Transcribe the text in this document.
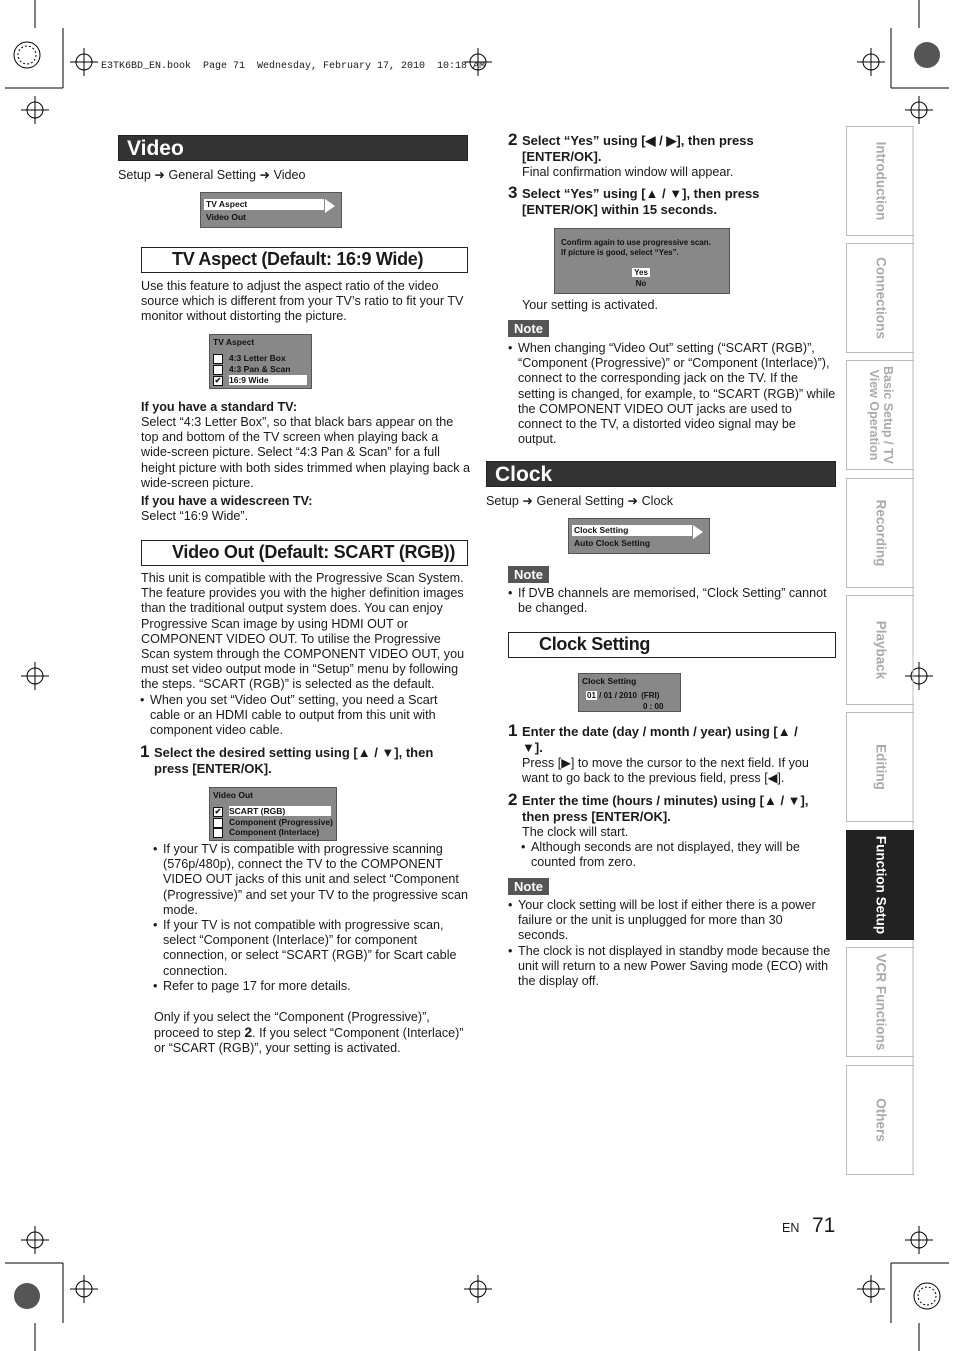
E3TK6BD_EN.book  Page 71  Wednesday, February 17, 2010  10:18 AM
Video
Setup ➜ General Setting ➜ Video
TV Aspect
Video Out
TV Aspect (Default: 16:9 Wide)
Use this feature to adjust the aspect ratio of the video source which is different from your TV’s ratio to fit your TV monitor without distorting the picture.
TV Aspect
4:3 Letter Box
4:3 Pan & Scan
✔ 16:9 Wide
If you have a standard TV:
Select “4:3 Letter Box”, so that black bars appear on the top and bottom of the TV screen when playing back a wide-screen picture. Select “4:3 Pan & Scan” for a full height picture with both sides trimmed when playing back a wide-screen picture.
If you have a widescreen TV:
Select “16:9 Wide”.
Video Out (Default: SCART (RGB))
This unit is compatible with the Progressive Scan System. The feature provides you with the higher definition images than the traditional output system does. You can enjoy Progressive Scan image by using HDMI OUT or COMPONENT VIDEO OUT. To utilise the Progressive Scan system through the COMPONENT VIDEO OUT, you must set video output mode in “Setup” menu by following the steps. “SCART (RGB)” is selected as the default.
• When you set “Video Out” setting, you need a Scart cable or an HDMI cable to output from this unit with component video cable.
1 Select the desired setting using [▲ / ▼], then press [ENTER/OK].
Video Out
✔ SCART (RGB)
Component (Progressive)
Component (Interlace)
• If your TV is compatible with progressive scanning (576p/480p), connect the TV to the COMPONENT VIDEO OUT jacks of this unit and select “Component (Progressive)” and set your TV to the progressive scan mode.
• If your TV is not compatible with progressive scan, select “Component (Interlace)” for component connection, or select “SCART (RGB)” for Scart cable connection.
• Refer to page 17 for more details.
Only if you select the “Component (Progressive)”, proceed to step 2. If you select “Component (Interlace)” or “SCART (RGB)”, your setting is activated.
2 Select “Yes” using [◀ / ▶], then press [ENTER/OK].
Final confirmation window will appear.
3 Select “Yes” using [▲ / ▼], then press [ENTER/OK] within 15 seconds.
Confirm again to use progressive scan.
If picture is good, select “Yes”.
Yes
No
Your setting is activated.
Note
• When changing “Video Out” setting (“SCART (RGB)”, “Component (Progressive)” or “Component (Interlace)”), connect to the corresponding jack on the TV. If the setting is changed, for example, to “SCART (RGB)” while the COMPONENT VIDEO OUT jacks are used to connect to the TV, a distorted video signal may be output.
Clock
Setup ➜ General Setting ➜ Clock
Clock Setting
Auto Clock Setting
Note
• If DVB channels are memorised, “Clock Setting” cannot be changed.
Clock Setting
Clock Setting
01 / 01 / 2010 (FRI)
0 : 00
1 Enter the date (day / month / year) using [▲ / ▼].
Press [▶] to move the cursor to the next field. If you want to go back to the previous field, press [◀].
2 Enter the time (hours / minutes) using [▲ / ▼], then press [ENTER/OK].
The clock will start.
• Although seconds are not displayed, they will be counted from zero.
Note
• Your clock setting will be lost if either there is a power failure or the unit is unplugged for more than 30 seconds.
• The clock is not displayed in standby mode because the unit will return to a new Power Saving mode (ECO) with the display off.
Introduction
Connections
Basic Setup / TV View Operation
Recording
Playback
Editing
Function Setup
VCR Functions
Others
EN 71
